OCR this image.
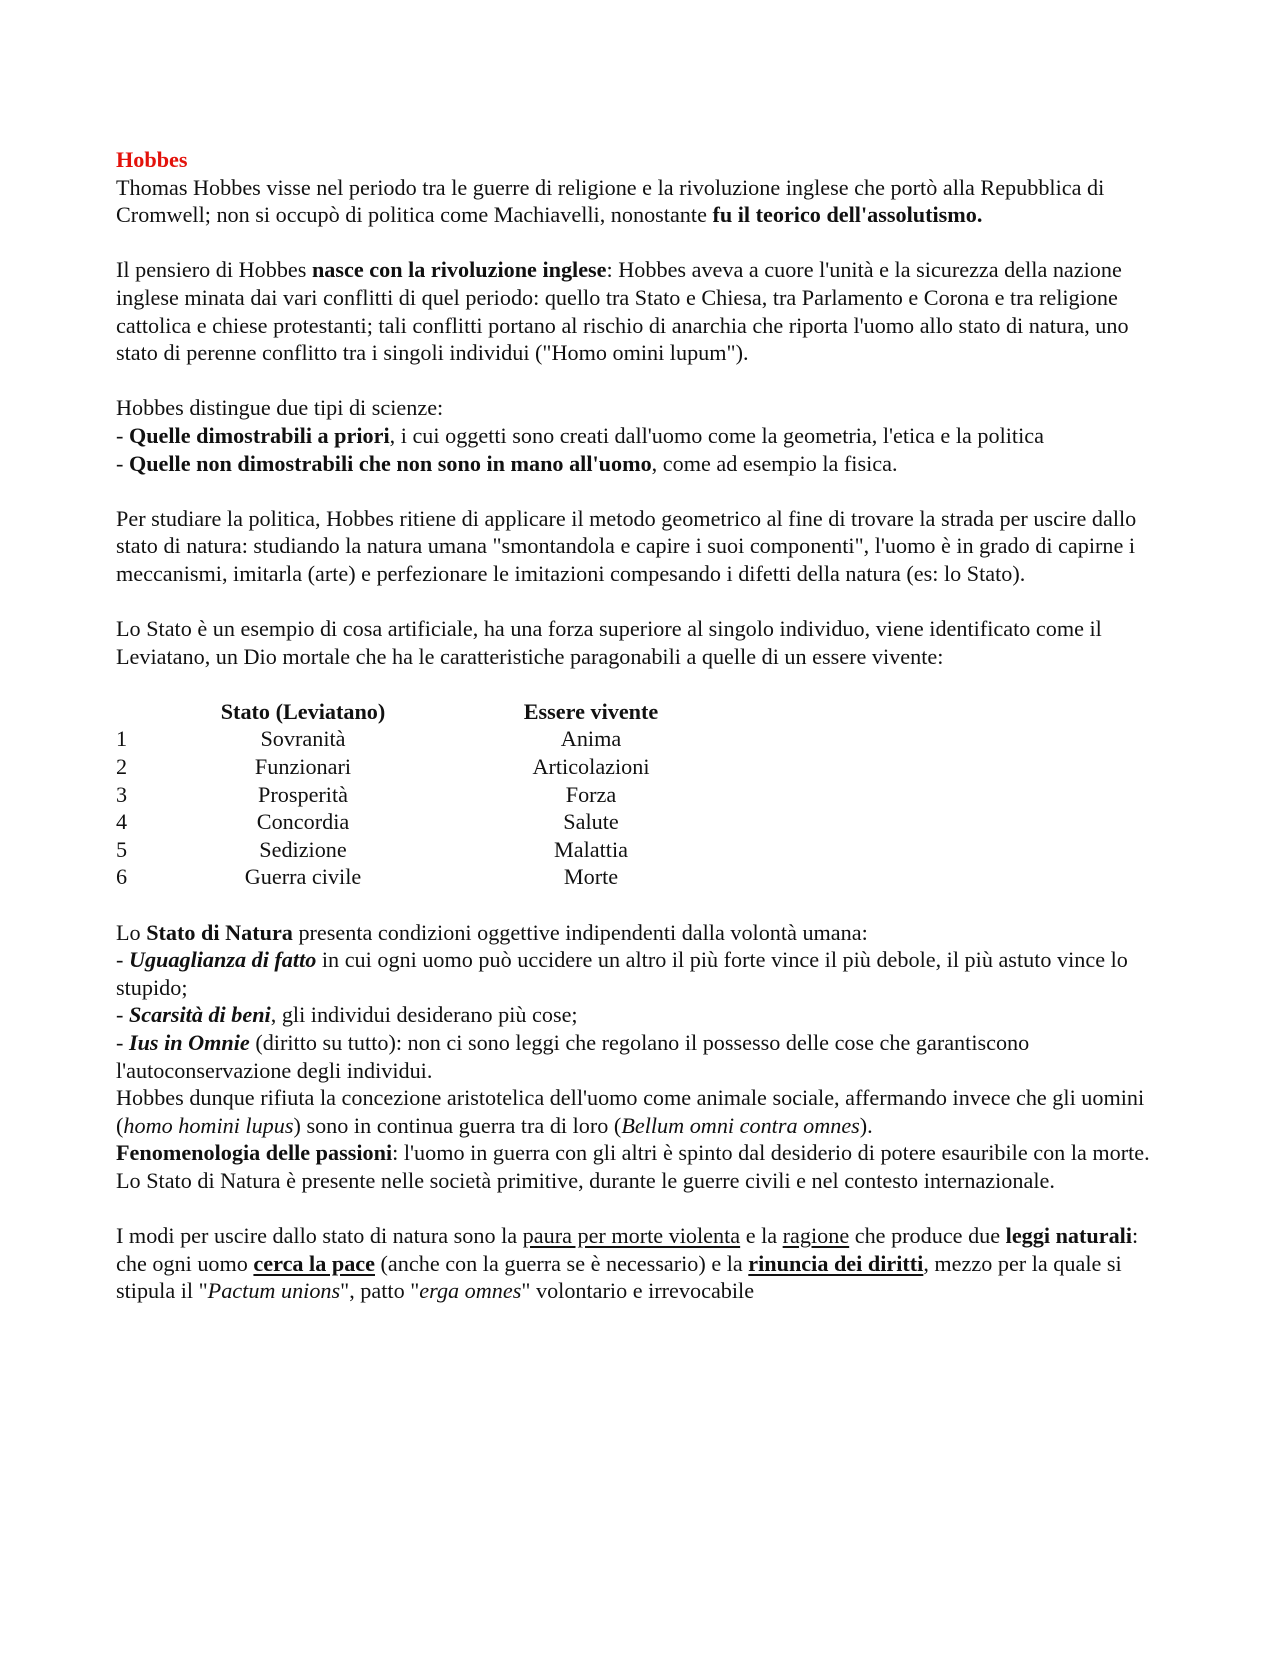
Hobbes

Thomas Hobbes visse nel periodo tra le guerre di religione e la rivoluzione inglese che portò alla Repubblica di Cromwell; non si occupò di politica come Machiavelli, nonostante fu il teorico dell'assolutismo.

Il pensiero di Hobbes nasce con la rivoluzione inglese: Hobbes aveva a cuore l'unità e la sicurezza della nazione inglese minata dai vari conflitti di quel periodo: quello tra Stato e Chiesa, tra Parlamento e Corona e tra religione cattolica e chiese protestanti; tali conflitti portano al rischio di anarchia che riporta l'uomo allo stato di natura, uno stato di perenne conflitto tra i singoli individui ("Homo omini lupum").

Hobbes distingue due tipi di scienze:
- Quelle dimostrabili a priori, i cui oggetti sono creati dall'uomo come la geometria, l'etica e la politica
- Quelle non dimostrabili che non sono in mano all'uomo, come ad esempio la fisica.

Per studiare la politica, Hobbes ritiene di applicare il metodo geometrico al fine di trovare la strada per uscire dallo stato di natura: studiando la natura umana "smontandola e capire i suoi componenti", l'uomo è in grado di capirne i meccanismi, imitarla (arte) e perfezionare le imitazioni compesando i difetti della natura (es: lo Stato).

Lo Stato è un esempio di cosa artificiale, ha una forza superiore al singolo individuo, viene identificato come il Leviatano, un Dio mortale che ha le caratteristiche paragonabili a quelle di un essere vivente:

	Stato (Leviatano)		Essere vivente
1	Sovranità		Anima
2	Funzionari		Articolazioni
3	Prosperità		Forza
4	Concordia		Salute
5	Sedizione		Malattia
6	Guerra civile		Morte
Lo Stato di Natura presenta condizioni oggettive indipendenti dalla volontà umana:
- Uguaglianza di fatto in cui ogni uomo può uccidere un altro il più forte vince il più debole, il più astuto vince lo stupido;
- Scarsità di beni, gli individui desiderano più cose;
- Ius in Omnie (diritto su tutto): non ci sono leggi che regolano il possesso delle cose che garantiscono l'autoconservazione degli individui.
Hobbes dunque rifiuta la concezione aristotelica dell'uomo come animale sociale, affermando invece che gli uomini (homo homini lupus) sono in continua guerra tra di loro (Bellum omni contra omnes).
Fenomenologia delle passioni: l'uomo in guerra con gli altri è spinto dal desiderio di potere esauribile con la morte.
Lo Stato di Natura è presente nelle società primitive, durante le guerre civili e nel contesto internazionale.

I modi per uscire dallo stato di natura sono la paura per morte violenta e la ragione che produce due leggi naturali: che ogni uomo cerca la pace (anche con la guerra se è necessario) e la rinuncia dei diritti, mezzo per la quale si stipula il "Pactum unions", patto "erga omnes" volontario e irrevocabile
